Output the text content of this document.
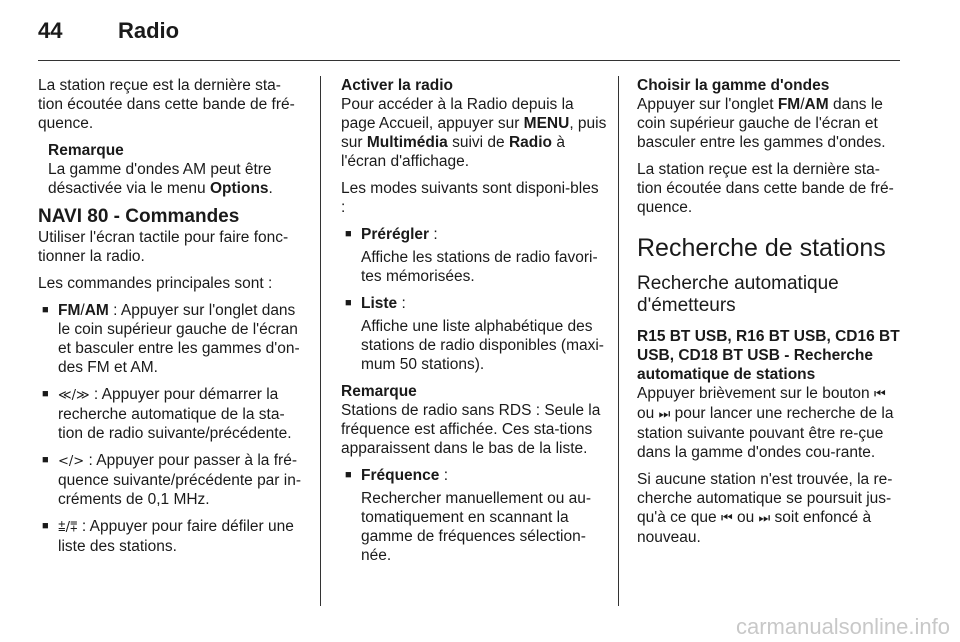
44	Radio

La station reçue est la dernière sta-tion écoutée dans cette bande de fré-quence.

Remarque
La gamme d'ondes AM peut être désactivée via le menu Options.
NAVI 80 - Commandes

Utiliser l'écran tactile pour faire fonc-tionner la radio.

Les commandes principales sont :

■ FM/AM : Appuyer sur l'onglet dans le coin supérieur gauche de l'écran et basculer entre les gammes d'on-des FM et AM.
■ ≪/≫ : Appuyer pour démarrer la recherche automatique de la sta-tion de radio suivante/précédente.
■ </> : Appuyer pour passer à la fré-quence suivante/précédente par in-créments de 0,1 MHz.
■ ⩲/⩱ : Appuyer pour faire défiler une liste des stations.
Activer la radio

Pour accéder à la Radio depuis la page Accueil, appuyer sur MENU, puis sur Multimédia suivi de Radio à l'écran d'affichage.

Les modes suivants sont disponi-bles :

■ Prérégler :
Affiche les stations de radio favori-tes mémorisées.
■ Liste :
Affiche une liste alphabétique des stations de radio disponibles (maxi-mum 50 stations).
Remarque
Stations de radio sans RDS : Seule la fréquence est affichée. Ces sta-tions apparaissent dans le bas de la liste.
■ Fréquence :
Rechercher manuellement ou au-tomatiquement en scannant la gamme de fréquences sélection-née.
Choisir la gamme d'ondes

Appuyer sur l'onglet FM/AM dans le coin supérieur gauche de l'écran et basculer entre les gammes d'ondes.

La station reçue est la dernière sta-tion écoutée dans cette bande de fré-quence.

Recherche de stations
Recherche automatique d'émetteurs
R15 BT USB, R16 BT USB, CD16 BT USB, CD18 BT USB - Recherche automatique de stations

Appuyer brièvement sur le bouton ⏮ ou ⏭ pour lancer une recherche de la station suivante pouvant être re-çue dans la gamme d'ondes cou-rante.

Si aucune station n'est trouvée, la re-cherche automatique se poursuit jus-qu'à ce que ⏮ ou ⏭ soit enfoncé à nouveau.

carmanualsonline.info
